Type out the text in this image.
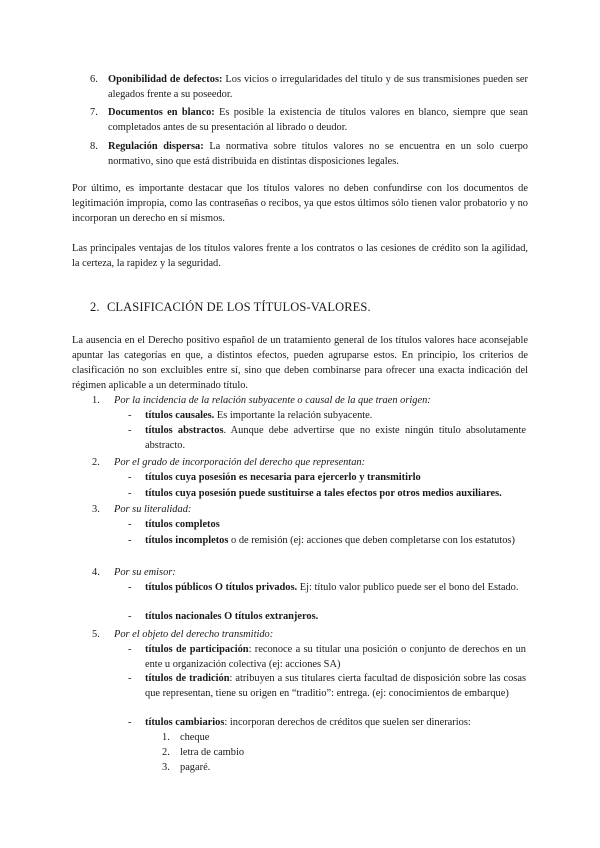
6. Oponibilidad de defectos: Los vicios o irregularidades del título y de sus transmisiones pueden ser alegados frente a su poseedor.
7. Documentos en blanco: Es posible la existencia de títulos valores en blanco, siempre que sean completados antes de su presentación al librado o deudor.
8. Regulación dispersa: La normativa sobre títulos valores no se encuentra en un solo cuerpo normativo, sino que está distribuida en distintas disposiciones legales.

Por último, es importante destacar que los títulos valores no deben confundirse con los documentos de legitimación impropia, como las contraseñas o recibos, ya que estos últimos sólo tienen valor probatorio y no incorporan un derecho en sí mismos.

Las principales ventajas de los títulos valores frente a los contratos o las cesiones de crédito son la agilidad, la certeza, la rapidez y la seguridad.

2. CLASIFICACIÓN DE LOS TÍTULOS-VALORES.

La ausencia en el Derecho positivo español de un tratamiento general de los títulos valores hace aconsejable apuntar las categorías en que, a distintos efectos, pueden agruparse estos. En principio, los criterios de clasificación no son excluibles entre sí, sino que deben combinarse para ofrecer una exacta indicación del régimen aplicable a un determinado título.

1. Por la incidencia de la relación subyacente o causal de la que traen origen:
- títulos causales. Es importante la relación subyacente.
- títulos abstractos. Aunque debe advertirse que no existe ningún título absolutamente abstracto.
2. Por el grado de incorporación del derecho que representan:
- títulos cuya posesión es necesaria para ejercerlo y transmitirlo
- títulos cuya posesión puede sustituirse a tales efectos por otros medios auxiliares.
3. Por su literalidad:
- títulos completos
- títulos incompletos o de remisión (ej: acciones que deben completarse con los estatutos)
4. Por su emisor:
- títulos públicos O títulos privados. Ej: título valor publico puede ser el bono del Estado.
- títulos nacionales O títulos extranjeros.
5. Por el objeto del derecho transmitido:
- títulos de participación: reconoce a su titular una posición o conjunto de derechos en un ente u organización colectiva (ej: acciones SA)
- títulos de tradición: atribuyen a sus titulares cierta facultad de disposición sobre las cosas que representan, tiene su origen en “traditio”: entrega. (ej: conocimientos de embarque)
- títulos cambiarios: incorporan derechos de créditos que suelen ser dinerarios:
1. cheque
2. letra de cambio
3. pagaré.
